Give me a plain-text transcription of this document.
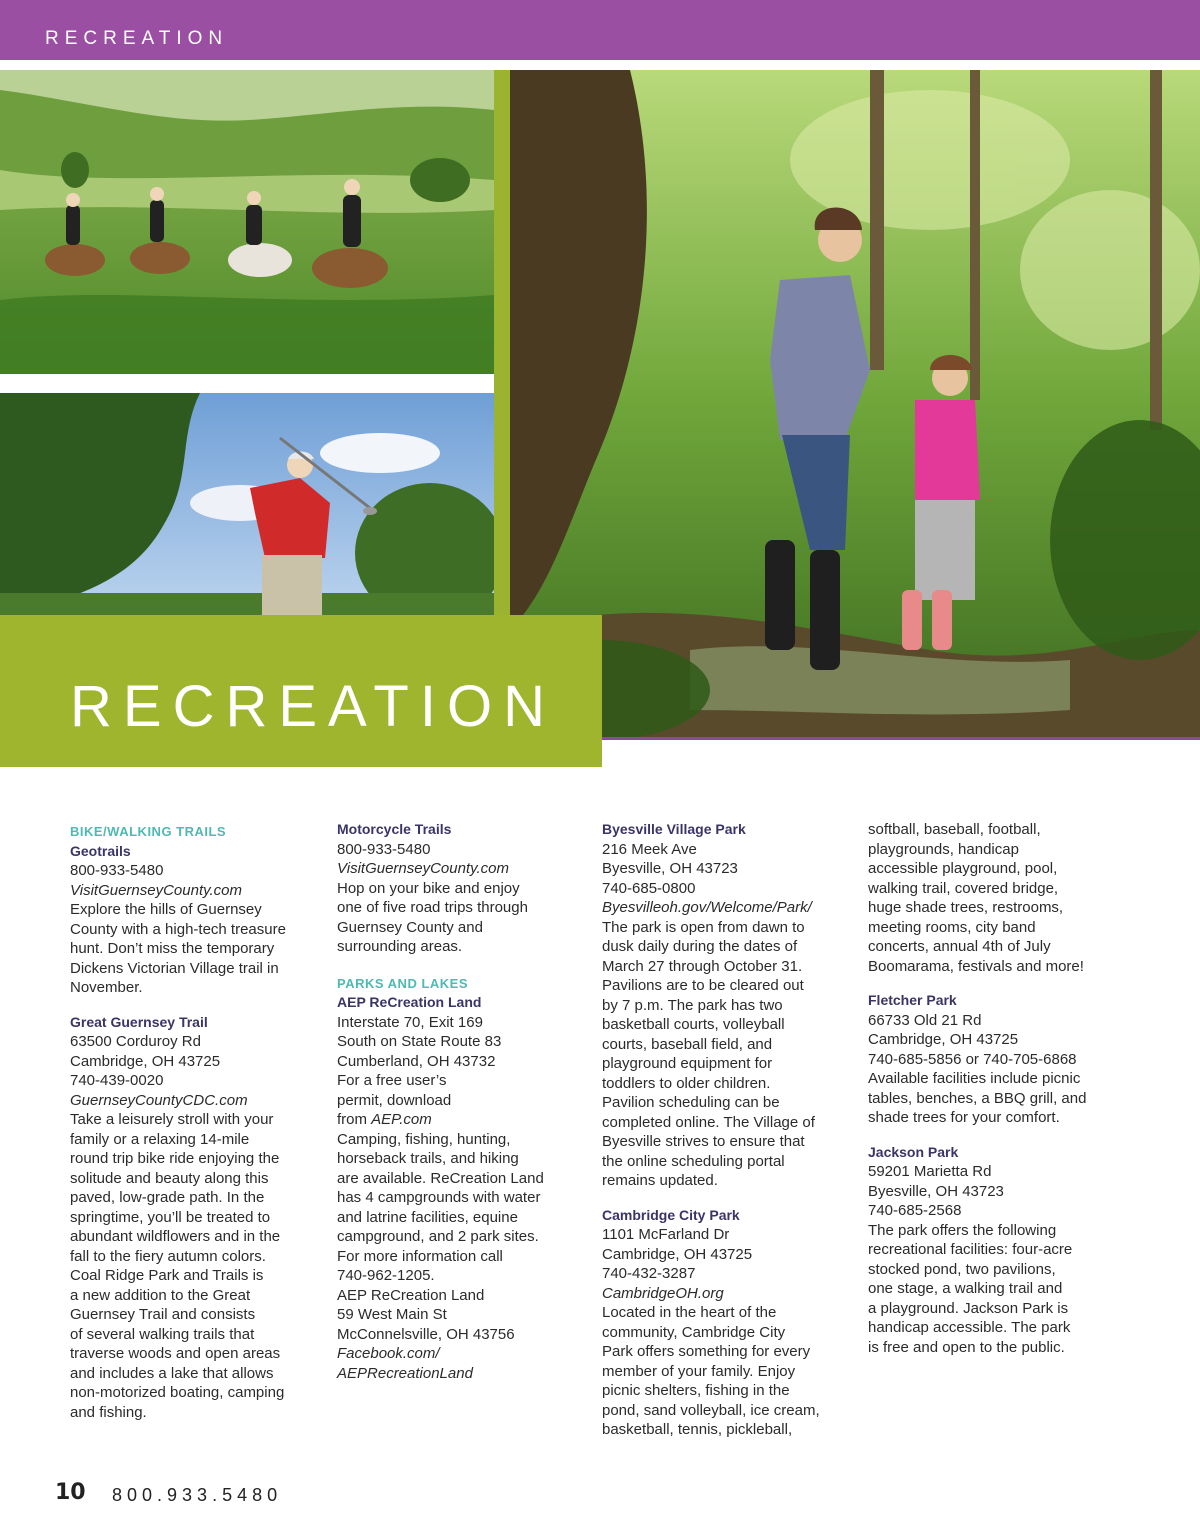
RECREATION
RECREATION
BIKE/WALKING TRAILS
Geotrails
800-933-5480
VisitGuernseyCounty.com
Explore the hills of Guernsey
County with a high-tech treasure
hunt. Don’t miss the temporary
Dickens Victorian Village trail in
November.
Great Guernsey Trail
63500 Corduroy Rd
Cambridge, OH 43725
740-439-0020
GuernseyCountyCDC.com
Take a leisurely stroll with your
family or a relaxing 14-mile
round trip bike ride enjoying the
solitude and beauty along this
paved, low-grade path. In the
springtime, you’ll be treated to
abundant wildflowers and in the
fall to the fiery autumn colors.
Coal Ridge Park and Trails is
a new addition to the Great
Guernsey Trail and consists
of several walking trails that
traverse woods and open areas
and includes a lake that allows
non-motorized boating, camping
and fishing.
Motorcycle Trails
800-933-5480
VisitGuernseyCounty.com
Hop on your bike and enjoy
one of five road trips through
Guernsey County and
surrounding areas.
PARKS AND LAKES
AEP ReCreation Land
Interstate 70, Exit 169
South on State Route 83
Cumberland, OH 43732
For a free user’s
permit, download
from AEP.com
Camping, fishing, hunting,
horseback trails, and hiking
are available. ReCreation Land
has 4 campgrounds with water
and latrine facilities, equine
campground, and 2 park sites.
For more information call
740-962-1205.
AEP ReCreation Land
59 West Main St
McConnelsville, OH 43756
Facebook.com/
AEPRecreationLand
Byesville Village Park
216 Meek Ave
Byesville, OH 43723
740-685-0800
Byesvilleoh.gov/Welcome/Park/
The park is open from dawn to
dusk daily during the dates of
March 27 through October 31.
Pavilions are to be cleared out
by 7 p.m. The park has two
basketball courts, volleyball
courts, baseball field, and
playground equipment for
toddlers to older children.
Pavilion scheduling can be
completed online. The Village of
Byesville strives to ensure that
the online scheduling portal
remains updated.
Cambridge City Park
1101 McFarland Dr
Cambridge, OH 43725
740-432-3287
CambridgeOH.org
Located in the heart of the
community, Cambridge City
Park offers something for every
member of your family. Enjoy
picnic shelters, fishing in the
pond, sand volleyball, ice cream,
basketball, tennis, pickleball,
softball, baseball, football,
playgrounds, handicap
accessible playground, pool,
walking trail, covered bridge,
huge shade trees, restrooms,
meeting rooms, city band
concerts, annual 4th of July
Boomarama, festivals and more!
Fletcher Park
66733 Old 21 Rd
Cambridge, OH 43725
740-685-5856 or 740-705-6868
Available facilities include picnic
tables, benches, a BBQ grill, and
shade trees for your comfort.
Jackson Park
59201 Marietta Rd
Byesville, OH 43723
740-685-2568
The park offers the following
recreational facilities: four-acre
stocked pond, two pavilions,
one stage, a walking trail and
a playground. Jackson Park is
handicap accessible. The park
is free and open to the public.
10 800.933.5480
